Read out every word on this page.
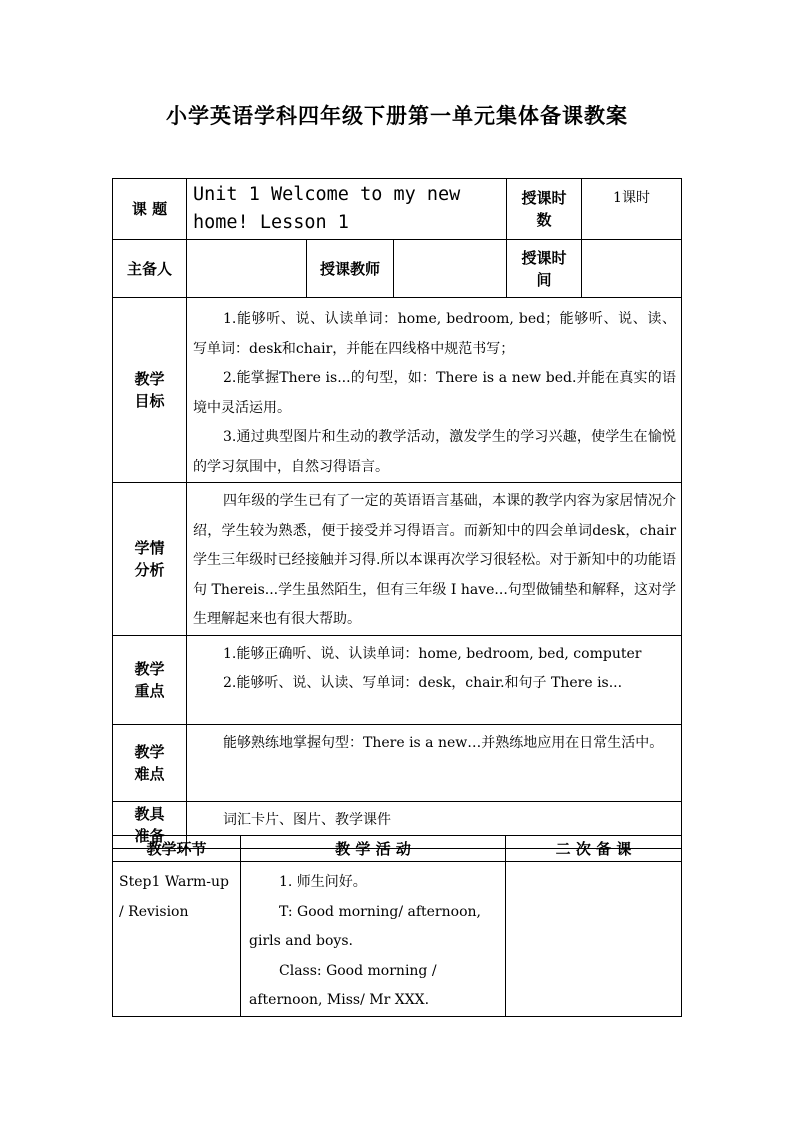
小学英语学科四年级下册第一单元集体备课教案
课 题	Unit 1 Welcome to my new home! Lesson 1			授课时数	1课时
主备人		授课教师		授课时间	
教学目标	1.能够听、说、认读单词：home, bedroom, bed；能够听、说、读、写单词：desk和chair，并能在四线格中规范书写；

2.能掌握There is...的句型，如：There is a new bed.并能在真实的语境中灵活运用。

3.通过典型图片和生动的教学活动，激发学生的学习兴趣，使学生在愉悦的学习氛围中，自然习得语言。				

学情分析	四年级的学生已有了一定的英语语言基础，本课的教学内容为家居情况介绍，学生较为熟悉，便于接受并习得语言。而新知中的四会单词desk，chair学生三年级时已经接触并习得.所以本课再次学习很轻松。对于新知中的功能语句 Thereis...学生虽然陌生，但有三年级 I have...句型做铺垫和解释，这对学生理解起来也有很大帮助。				

教学重点	1.能够正确听、说、认读单词：home, bedroom, bed, computer

2.能够听、说、认读、写单词：desk，chair.和句子 There is...				

教学难点	能够熟练地掌握句型：There is a new…并熟练地应用在日常生活中。				

教具准备	词汇卡片、图片、教学课件				

教学环节	教 学 活 动	二 次 备 课
Step1 Warm-up / Revision	1. 师生问好。

T: Good morning/ afternoon, girls and boys.

Class: Good morning / afternoon, Miss/ Mr XXX.	
